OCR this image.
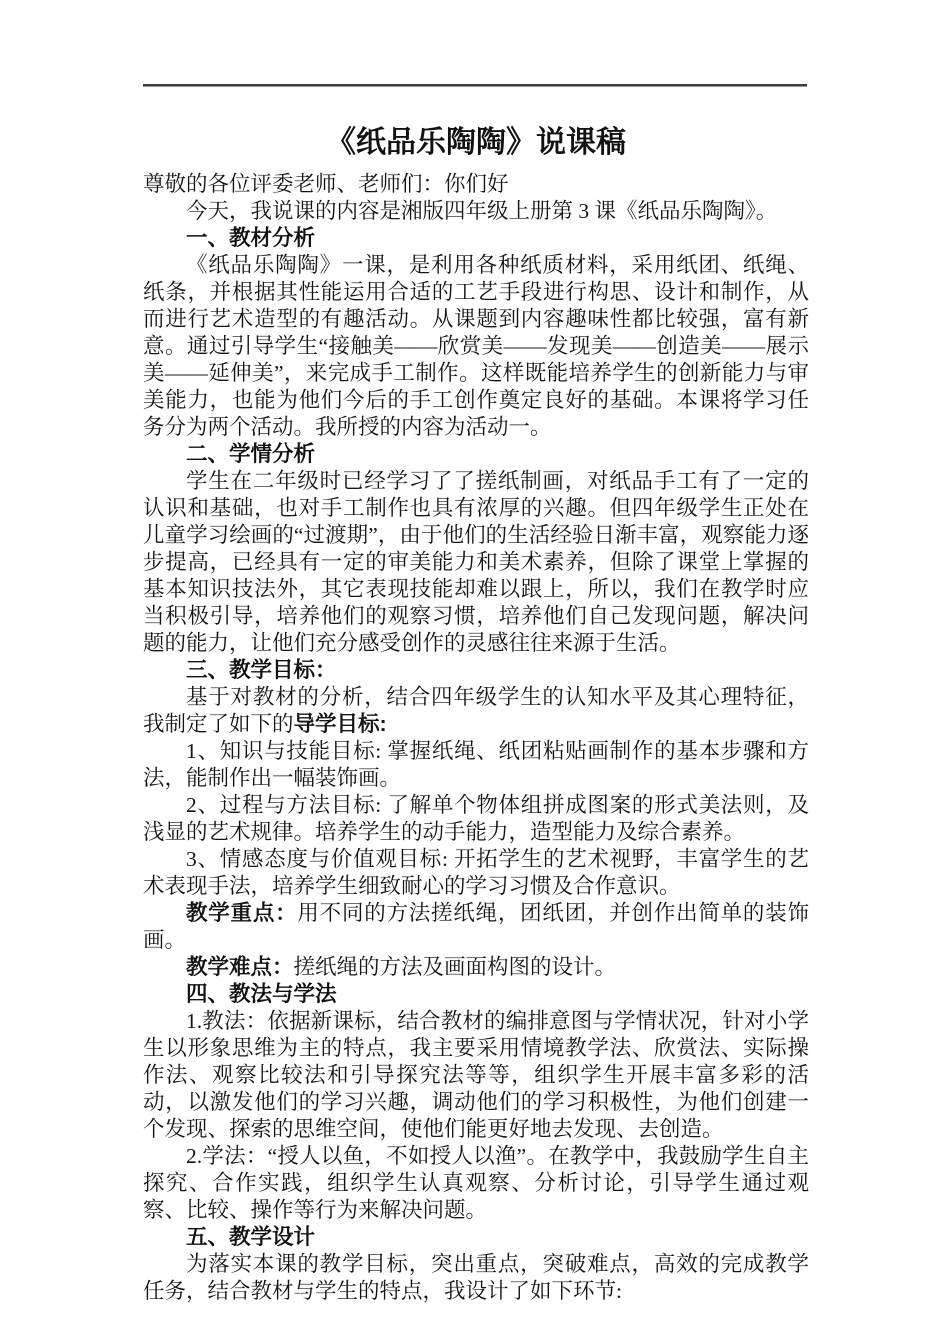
《纸品乐陶陶》说课稿

尊敬的各位评委老师、老师们：你们好

今天，我说课的内容是湘版四年级上册第 3 课《纸品乐陶陶》。

一、教材分析

《纸品乐陶陶》一课，是利用各种纸质材料，采用纸团、纸绳、纸条，并根据其性能运用合适的工艺手段进行构思、设计和制作，从而进行艺术造型的有趣活动。从课题到内容趣味性都比较强，富有新意。通过引导学生“接触美——欣赏美——发现美——创造美——展示美——延伸美”，来完成手工制作。这样既能培养学生的创新能力与审美能力，也能为他们今后的手工创作奠定良好的基础。本课将学习任务分为两个活动。我所授的内容为活动一。

二、学情分析

学生在二年级时已经学习了了搓纸制画，对纸品手工有了一定的认识和基础，也对手工制作也具有浓厚的兴趣。但四年级学生正处在儿童学习绘画的“过渡期”，由于他们的生活经验日渐丰富，观察能力逐步提高，已经具有一定的审美能力和美术素养，但除了课堂上掌握的基本知识技法外，其它表现技能却难以跟上，所以，我们在教学时应当积极引导，培养他们的观察习惯，培养他们自己发现问题，解决问题的能力，让他们充分感受创作的灵感往往来源于生活。

三、教学目标：

基于对教材的分析，结合四年级学生的认知水平及其心理特征，我制定了如下的导学目标:

1、知识与技能目标: 掌握纸绳、纸团粘贴画制作的基本步骤和方法，能制作出一幅装饰画。

2、过程与方法目标: 了解单个物体组拼成图案的形式美法则，及浅显的艺术规律。培养学生的动手能力，造型能力及综合素养。

3、情感态度与价值观目标: 开拓学生的艺术视野，丰富学生的艺术表现手法，培养学生细致耐心的学习习惯及合作意识。

教学重点：用不同的方法搓纸绳，团纸团，并创作出简单的装饰画。

教学难点：搓纸绳的方法及画面构图的设计。

四、教法与学法

1.教法：依据新课标，结合教材的编排意图与学情状况，针对小学生以形象思维为主的特点，我主要采用情境教学法、欣赏法、实际操作法、观察比较法和引导探究法等等，组织学生开展丰富多彩的活动，以激发他们的学习兴趣，调动他们的学习积极性，为他们创建一个发现、探索的思维空间，使他们能更好地去发现、去创造。

2.学法：“授人以鱼，不如授人以渔”。在教学中，我鼓励学生自主探究、合作实践，组织学生认真观察、分析讨论，引导学生通过观察、比较、操作等行为来解决问题。

五、教学设计

为落实本课的教学目标，突出重点，突破难点，高效的完成教学任务，结合教材与学生的特点，我设计了如下环节:
